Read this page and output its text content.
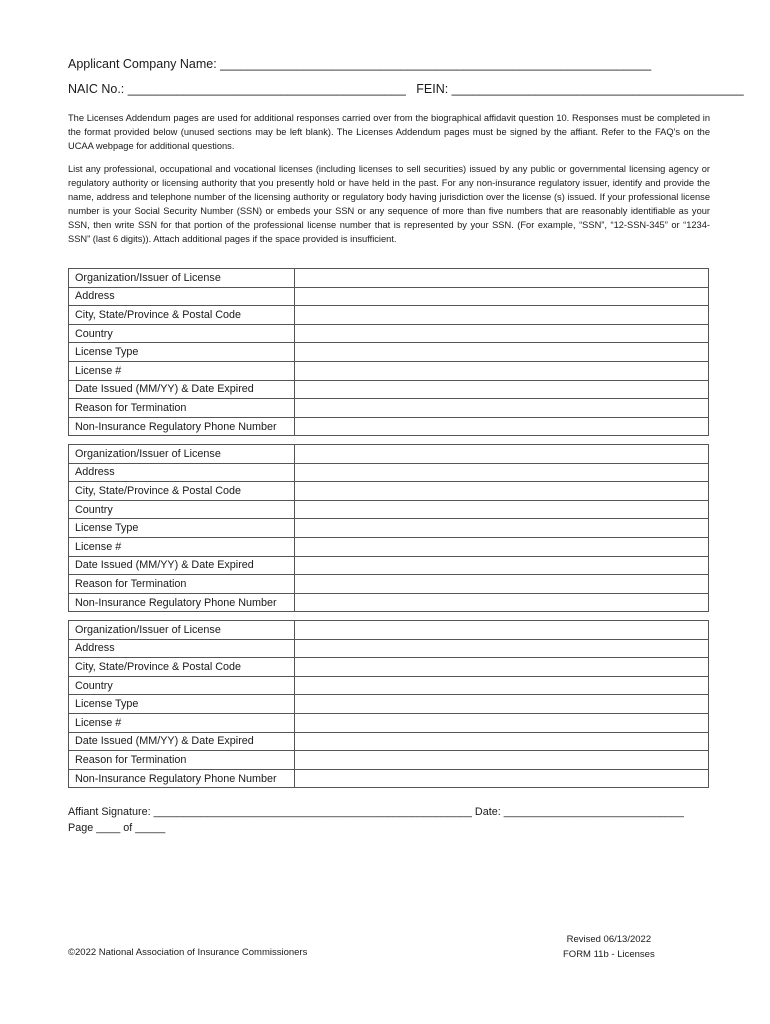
Applicant Company Name: ______________________________________________________________
NAIC No.: ________________________________________ FEIN: __________________________________________

The Licenses Addendum pages are used for additional responses carried over from the biographical affidavit question 10. Responses must be completed in the format provided below (unused sections may be left blank). The Licenses Addendum pages must be signed by the affiant. Refer to the FAQ's on the UCAA webpage for additional questions.

List any professional, occupational and vocational licenses (including licenses to sell securities) issued by any public or governmental licensing agency or regulatory authority or licensing authority that you presently hold or have held in the past. For any non-insurance regulatory issuer, identify and provide the name, address and telephone number of the licensing authority or regulatory body having jurisdiction over the license (s) issued. If your professional license number is your Social Security Number (SSN) or embeds your SSN or any sequence of more than five numbers that are reasonably identifiable as your SSN, then write SSN for that portion of the professional license number that is represented by your SSN. (For example, “SSN”, “12-SSN-345” or “1234-SSN” (last 6 digits)). Attach additional pages if the space provided is insufficient.

Organization/Issuer of License	
Address	
City, State/Province & Postal Code	
Country	
License Type	
License #	
Date Issued (MM/YY) & Date Expired	
Reason for Termination	
Non-Insurance Regulatory Phone Number	
Organization/Issuer of License	
Address	
City, State/Province & Postal Code	
Country	
License Type	
License #	
Date Issued (MM/YY) & Date Expired	
Reason for Termination	
Non-Insurance Regulatory Phone Number	
Organization/Issuer of License	
Address	
City, State/Province & Postal Code	
Country	
License Type	
License #	
Date Issued (MM/YY) & Date Expired	
Reason for Termination	
Non-Insurance Regulatory Phone Number	
Affiant Signature: _____________________________________________________ Date: ______________________________
Page ____ of _____
©2022 National Association of Insurance Commissioners
Revised 06/13/2022
FORM 11b - Licenses
